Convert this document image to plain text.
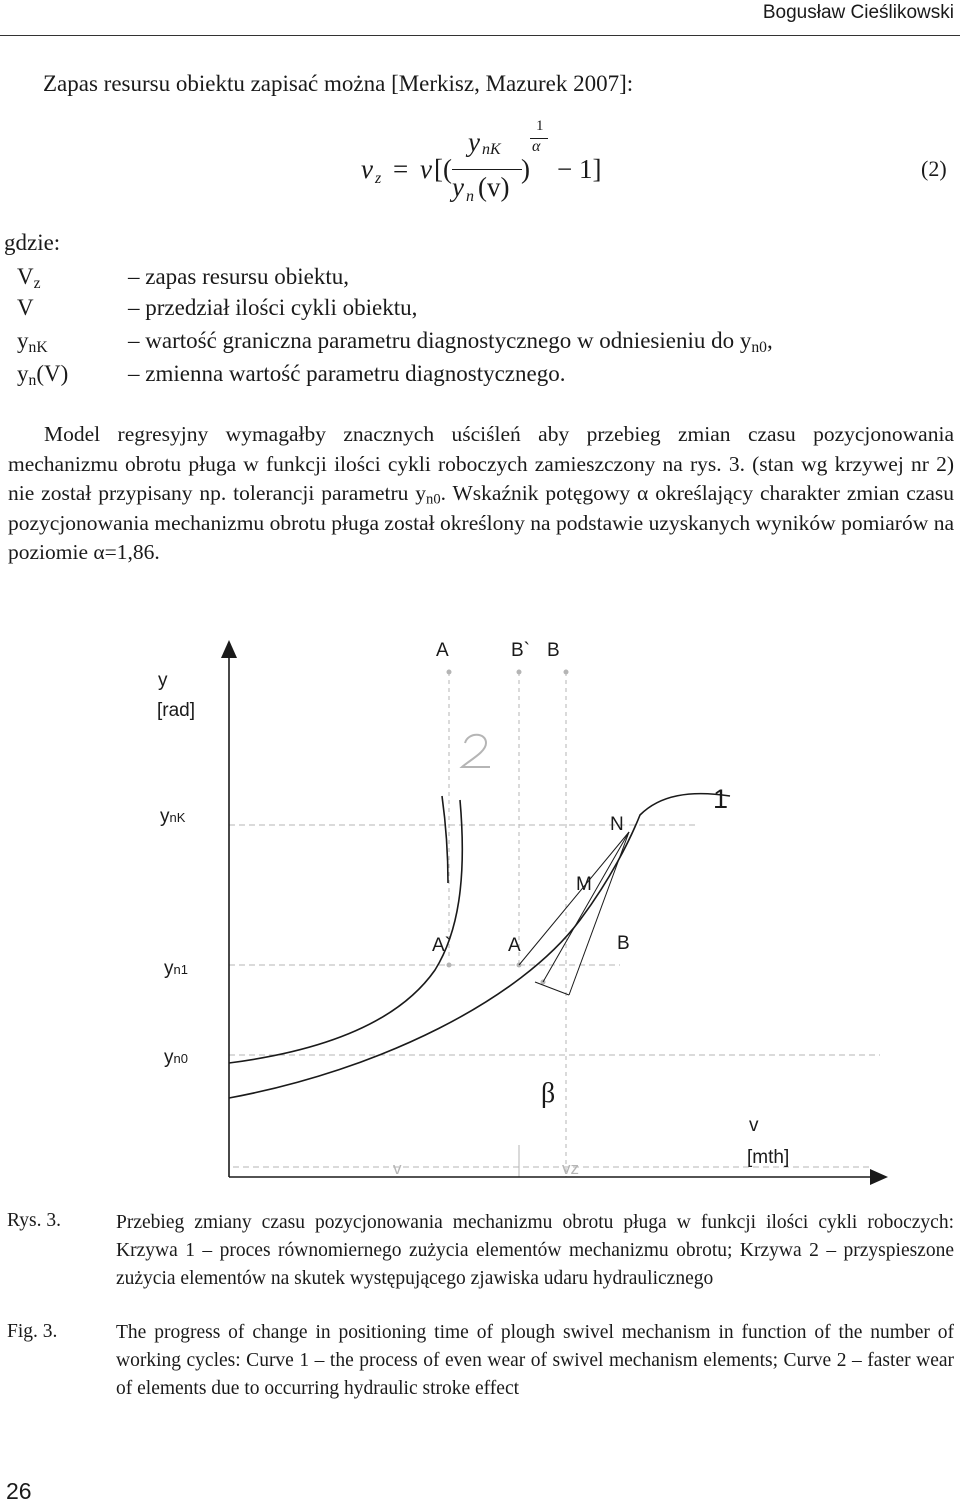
Bogusław Cieślikowski
Zapas resursu obiektu zapisać można [Merkisz, Mazurek 2007]:
v z = v [(
y nK
y n (v)
)
1
α
− 1]	(2)
gdzie:
$V_z$	– zapas resursu obiektu,
V	– przedział ilości cykli obiektu,
$y_{nK}$	– wartość graniczna parametru diagnostycznego w odniesieniu do $y_{n0}$,
$y_n(V)$	– zmienna wartość parametru diagnostycznego.

Model regresyjny wymagałby znacznych uściśleń aby przebieg zmian czasu pozycjonowania mechanizmu obrotu pługa w funkcji ilości cykli roboczych zamieszczony na rys. 3. (stan wg krzywej nr 2) nie został przypisany np. tolerancji parametru $y_{n0}$. Wskaźnik potęgowy α określający charakter zmian czasu pozycjonowania mechanizmu obrotu pługa został określony na podstawie uzyskanych wyników pomiarów na poziomie α=1,86.

2
y
[rad]
A	B` B
ynK
yn1
yn0
1
N
M
A`	A	B
β
v
[mth]
v	vz
Rys. 3.	Przebieg zmiany czasu pozycjonowania mechanizmu obrotu pługa w funkcji ilości cykli roboczych: Krzywa 1 – proces równomiernego zużycia elementów mechanizmu obrotu; Krzywa 2 – przyspieszone zużycia elementów na skutek występującego zjawiska udaru hydraulicznego

Fig. 3.	The progress of change in positioning time of plough swivel mechanism in function of the number of working cycles: Curve 1 – the process of even wear of swivel mechanism elements; Curve 2 – faster wear of elements due to occurring hydraulic stroke effect

26
